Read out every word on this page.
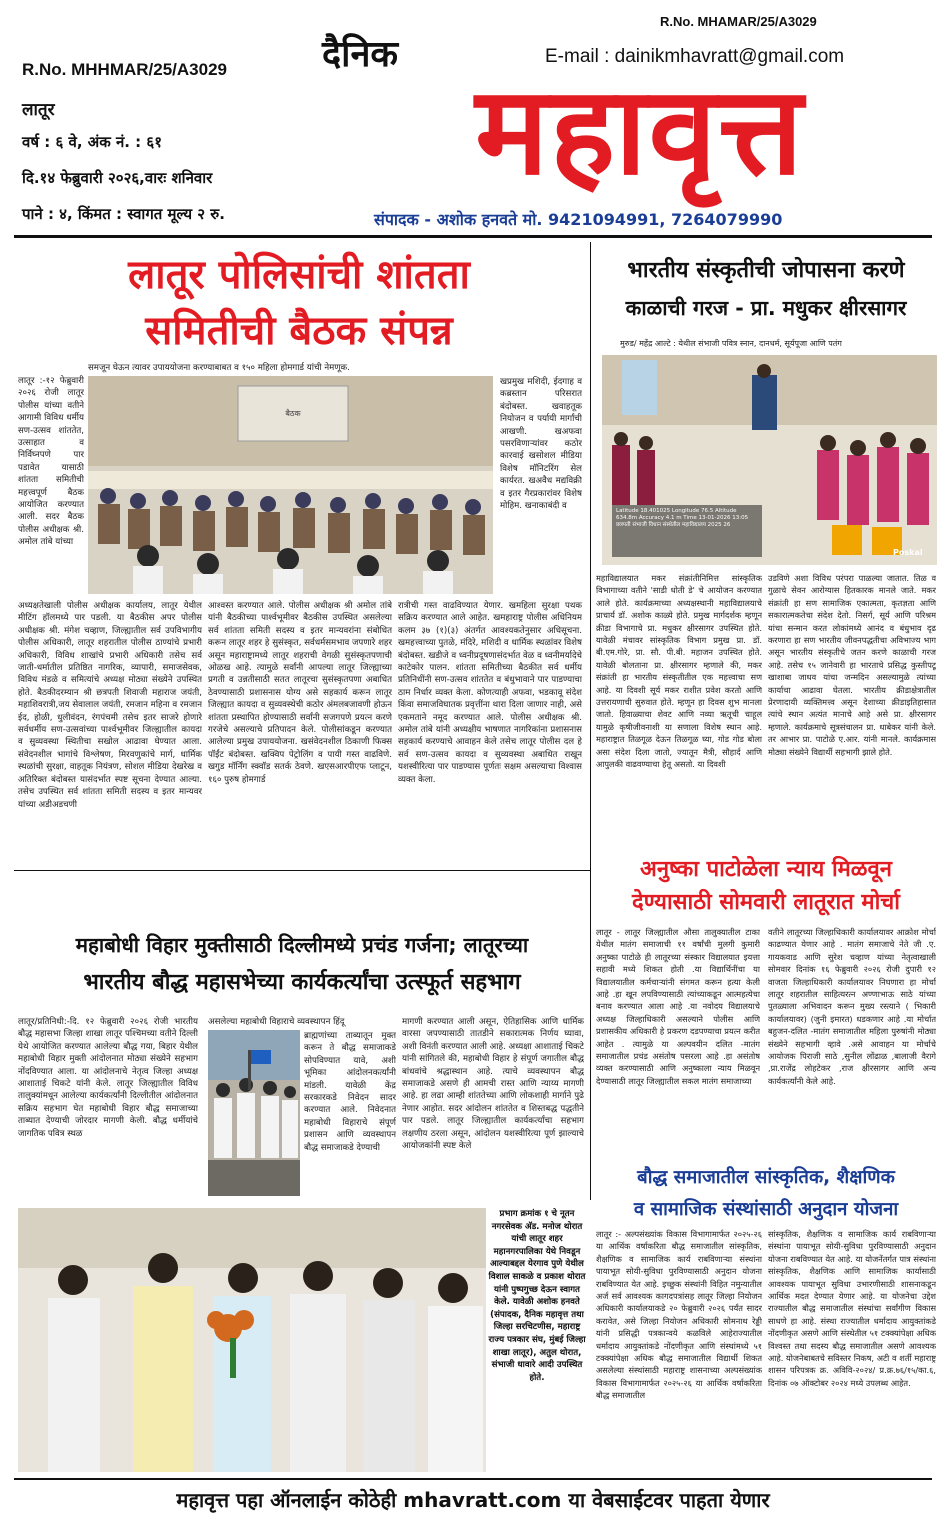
R.No. MHAMAR/25/A3029
दैनिक	E-mail : dainikmhavratt@gmail.com
R.No. MHHMAR/25/A3029	महावृत्त
लातूर
वर्ष : ६ वे, अंक नं. : ६१
दि.१४ फेब्रुवारी २०२६,वारः शनिवार
पाने : ४, किंमत : स्वागत मूल्य २ रु.	संपादक - अशोक हनवते मो. 9421094991, 7264079990
लातूर पोलिसांची शांतता
समितीची बैठक संपन्न
समजून घेऊन त्यावर उपाययोजना करण्याबाबत व १५० महिला होमगार्ड यांची नेमणूक.
लातूर :-१२ फेब्रुवारी २०२६ रोजी लातूर पोलीस यांच्या वतीने आगामी विविध धर्मीय सण-उत्सव शांततेत, उत्साहात व निर्विघ्नपणे पार पडावेत यासाठी शांतता समितीची महत्त्वपूर्ण बैठक आयोजित करण्यात आली. सदर बैठक पोलीस अधीक्षक श्री. अमोल तांबे यांच्या
बैठक
खप्रमुख मशिदी, ईदगाह व कब्रस्तान परिसरात बंदोबस्त. खवाहतूक नियोजन व पर्यायी मार्गांची आखणी. खअफवा पसरविणाऱ्यांवर कठोर कारवाई खसोशल मीडिया विशेष मॉनिटरिंग सेल कार्यरत. खअवैध मद्यविक्री व इतर गैरप्रकारांवर विशेष मोहिम. खनाकाबंदी व
अध्यक्षतेखाली पोलीस अधीक्षक कार्यालय, लातूर येथील मीटिंग हॉलमध्ये पार पडली. या बैठकीस अपर पोलीस अधीक्षक श्री. मंगेश चव्हाण, जिल्ह्यातील सर्व उपविभागीय पोलीस अधिकारी, लातूर शहरातील पोलीस ठाण्यांचे प्रभारी अधिकारी, विविध शाखांचे प्रभारी अधिकारी तसेच सर्व जाती-धर्मातील प्रतिष्ठित नागरिक, व्यापारी, समाजसेवक, विविध मंडळे व समित्यांचे अध्यक्ष मोठ्या संख्येने उपस्थित होते. बैठकीदरम्यान श्री छत्रपती शिवाजी महाराज जयंती, महाशिवरात्री,जय सेवालाल जयंती, रमजान महिना व रमजान ईद, होळी, धुलीवंदन, रंगपंचमी तसेच इतर साजरे होणारे सर्वधर्मीय सण-उत्सवांच्या पार्श्वभूमीवर जिल्ह्यातील कायदा व सुव्यवस्था स्थितीचा सखोल आढावा घेण्यात आला. संवेदनशील भागांचे विश्लेषण, मिरवणुकांचे मार्ग, धार्मिक स्थळांची सुरक्षा, वाहतूक नियंत्रण, सोशल मीडिया देखरेख व अतिरिक्त बंदोबस्त यासंदर्भात स्पष्ट सूचना देण्यात आल्या. तसेच उपस्थित सर्व शांतता समिती सदस्य व इतर मान्यवर यांच्या अडीअडचणी
आश्वस्त करण्यात आले. पोलीस अधीक्षक श्री अमोल तांबे यांनी बैठकीच्या पार्श्वभूमीवर बैठकीस उपस्थित असलेल्या सर्व शांतता समिती सदस्य व इतर मान्यवरांना संबोधित करून लातूर शहर हे सुसंस्कृत, सर्वधर्मसमभाव जपणारे शहर असून महाराष्ट्रामध्ये लातूर शहराची वेगळी सुसंस्कृतपणाची ओळख आहे. त्यामुळे सर्वांनी आपल्या लातूर जिल्ह्याच्या प्रगती व उन्नतीसाठी सतत लातूरचा सुसंस्कृतपणा अबाधित ठेवण्यासाठी प्रशासनास योग्य असे सहकार्य करून लातूर जिल्ह्यात कायदा व सुव्यवस्थेची कठोर अंमलबजावणी होऊन शांतता प्रस्थापित होण्यासाठी सर्वांनी सजगपणे प्रयत्न करणे गरजेचे असल्याचे प्रतिपादन केले. पोलीसांकडून करण्यात आलेल्या प्रमुख उपाययोजना. खसंवेदनशील ठिकाणी फिक्स पॉईंट बंदोबस्त. खक्विप पेट्रोलिंग व पायी गस्त वाढविणे. खगुड मॉर्निंग स्क्वॉड सतर्क ठेवणे. खएसआरपीएफ प्लाटून, १६० पुरुष होमगार्ड
रात्रीची गस्त वाढविण्यात येणार. खमहिला सुरक्षा पथक सक्रिय करण्यात आले आहेत. खमहाराष्ट्र पोलीस अधिनियम कलम ३७ (१)(३) अंतर्गत आवश्यकतेनुसार अधिसूचना. खमहत्त्वाच्या पुतळे, मंदिरे, मशिदी व धार्मिक स्थळांवर विशेष बंदोबस्त. खडीजे व ध्वनीप्रदूषणासंदर्भात वेळ व ध्वनीमर्यादेचे काटेकोर पालन. शांतता समितीच्या बैठकीत सर्व धर्मीय प्रतिनिधींनी सण-उत्सव शांततेत व बंधुभावाने पार पाडण्याचा ठाम निर्धार व्यक्त केला. कोणत्याही अफवा, भडकावू संदेश किंवा समाजविघातक प्रवृत्तींना थारा दिला जाणार नाही, असे एकमताने नमूद करण्यात आले. पोलीस अधीक्षक श्री. अमोल तांबे यांनी अध्यक्षीय भाषणात नागरिकांना प्रशासनास सहकार्य करण्याचे आवाहन केले तसेच लातूर पोलीस दल हे सर्व सण-उत्सव कायदा व सुव्यवस्था अबाधित राखून यशस्वीरित्या पार पाडण्यास पूर्णतः सक्षम असल्याचा विश्वास व्यक्त केला.
भारतीय संस्कृतीची जोपासना करणे
काळाची गरज - प्रा. मधुकर क्षीरसागर
मुरुड/ महेंद्र आल्टे : येथील संभाजी पवित्र स्नान, दानधर्म, सूर्यपूजा आणि पतंग
Latitude 18.401025 Longitude 76.5 Altitude 634.8m Accuracy 4.1 m Time 13-01-2026 13:05 छत्रपती संभाजी विधान संस्थेतील महाविद्यालय 2025 26
Poskai
महाविद्यालयात मकर संक्रांतीनिमित्त सांस्कृतिक विभागाच्या वतीने 'साडी धोती डे' चे आयोजन करण्यात आले होते. कार्यक्रमाच्या अध्यक्षस्थानी महाविद्यालयाचे प्राचार्य डॉ. अशोक काळ्ये होते. प्रमुख मार्गदर्शक म्हणून क्रीडा विभागाचे प्रा. मधुकर क्षीरसागर उपस्थित होते. यावेळी मंचावर सांस्कृतिक विभाग प्रमुख प्रा. डॉ. बी.एम.गोरे, प्रा. सौ. पी.बी. महाजन उपस्थित होते. यावेळी बोलताना प्रा. क्षीरसागर म्हणाले की, मकर संक्रांती हा भारतीय संस्कृतीतील एक महत्त्वाचा सण आहे. या दिवशी सूर्य मकर राशीत प्रवेश करतो आणि उत्तरायणाची सुरुवात होते. म्हणून हा दिवस शुभ मानला जातो. हिवाळ्याचा शेवट आणि नव्या ऋतूची चाहूल यामुळे कृषीजीवनाशी या सणाला विशेष स्थान आहे. महाराष्ट्रात तिळगूळ देऊन तिळगूळ घ्या, गोड गोड बोला असा संदेश दिला जातो, ज्यातून मैत्री, सौहार्द आणि आपुलकी वाढवण्याचा हेतू असतो. या दिवशी
उडविणे अशा विविध परंपरा पाळल्या जातात. तिळ व गुळाचे सेवन आरोग्यास हितकारक मानले जाते. मकर संक्रांती हा सण सामाजिक एकात्मता, कृतज्ञता आणि सकारात्मकतेचा संदेश देतो. निसर्ग, सूर्य आणि परिश्रम यांचा सन्मान करत लोकांमध्ये आनंद व बंधुभाव दृढ करणारा हा सण भारतीय जीवनपद्धतीचा अविभाज्य भाग असून भारतीय संस्कृतीचे जतन करणे काळाची गरज आहे. तसेच १५ जानेवारी हा भारताचे प्रसिद्ध कुस्तीपटू खाशाबा जाधव यांचा जन्मदिन असल्यामुळे त्यांच्या कार्याचा आढावा घेतला. भारतीय क्रीडाक्षेत्रातील प्रेरणादायी व्यक्तिमत्त्व असून देशाच्या क्रीडाइतिहासात त्यांचे स्थान अत्यंत मानाचे आहे असे प्रा. क्षीरसागर म्हणाले. कार्यक्रमाचे सूत्रसंचालन प्रा. धाबेकर यांनी केले. तर आभार प्रा. पाटोळे ए.आर. यांनी मानले. कार्यक्रमास मोठ्या संख्येने विद्यार्थी सहभागी झाले होते.
अनुष्का पाटोळेला न्याय मिळवून
देण्यासाठी सोमवारी लातूरात मोर्चा
लातूर - लातूर जिल्ह्यातील औसा तालुक्यातील टाका येथील मातंग समाजाची ११ वर्षांची मुलगी कुमारी अनुष्का पाटोळे ही लातूरच्या संस्कार विद्यालयात इयत्ता सहावी मध्ये शिकत होती .या विद्यार्थिनींचा या विद्यालयातील कर्मचाऱ्यांनी संगमत करून हत्या केली आहे .हा खून लपविण्यासाठी त्यांच्याकडून आत्महत्येचा बनाव करण्यात आला आहे .या नवोदय विद्यालयाचे अध्यक्ष जिल्हाधिकारी असल्याने पोलीस आणि प्रशासकीय अधिकारी हे प्रकरण दडपण्याचा प्रयत्न करीत आहेत . त्यामुळे या अल्पवयीन दलित -मातंग समाजातील प्रचंड असंतोष पसरला आहे .हा असंतोष व्यक्त करण्यासाठी आणि अनुष्काला न्याय मिळवून देण्यासाठी लातूर जिल्ह्यातील सकल मातंग समाजाच्या
वतीने लातूरच्या जिल्हाधिकारी कार्यालयावर आक्रोश मोर्चा काढण्यात येणार आहे . मातंग समाजाचे नेते जी .ए. गायकवाड आणि सुरेश चव्हाण यांच्या नेतृत्वाखाली सोमवार दिनांक १६ फेब्रुवारी २०२६ रोजी दुपारी १२ वाजता जिल्हाधिकारी कार्यालयावर निघणारा हा मोर्चा लातूर शहरातील साहित्यरत्न अण्णाभाऊ साठे यांच्या पुतळ्याला अभिवादन करून मुख्य रस्त्याने ( भिकारी कार्यालयावर) (जुनी इमारत) धडकणार आहे .या मोर्चात बहुजन-दलित -मातंग समाजातील महिला पुरुषांनी मोठ्या संख्येने सहभागी व्हावे .असे आवाहन या मोर्चाचे आयोजक पिराजी साठे ,सुनील लोंढाळ ,बालाजी वैरागे ,प्रा.राजेंद्र लोहटेकर ,राज क्षीरसागर आणि अन्य कार्यकर्त्यांनी केले आहे.
महाबोधी विहार मुक्तीसाठी दिल्लीमध्ये प्रचंड गर्जना; लातूरच्या
भारतीय बौद्ध महासभेच्या कार्यकर्त्यांचा उत्स्फूर्त सहभाग
लातूर/प्रतिनिधी:-दि. १२ फेब्रुवारी २०२६ रोजी भारतीय बौद्ध महासभा जिल्हा शाखा लातूर पश्चिमच्या वतीने दिल्ली येथे आयोजित करण्यात आलेल्या बौद्ध गया, बिहार येथील महाबोधी विहार मुक्ती आंदोलनात मोठ्या संख्येने सहभाग नोंदविण्यात आला. या आंदोलनाचे नेतृत्व जिल्हा अध्यक्ष आशाताई चिकटे यांनी केले. लातूर जिल्ह्यातील विविध तालुक्यांमधून आलेल्या कार्यकर्त्यांनी दिल्लीतील आंदोलनात सक्रिय सहभाग घेत महाबोधी विहार बौद्ध समाजाच्या ताब्यात देण्याची जोरदार मागणी केली. बौद्ध धर्मीयांचे जागतिक पवित्र स्थळ
असलेल्या महाबोधी विहाराचे व्यवस्थापन हिंदू
ब्राह्मणांच्या ताब्यातून मुक्त करून ते बौद्ध समाजाकडे सोपविण्यात यावे, अशी भूमिका आंदोलनकर्त्यांनी मांडली. यावेळी केंद्र सरकारकडे निवेदन सादर करण्यात आले. निवेदनात महाबोधी विहाराचे संपूर्ण प्रशासन आणि व्यवस्थापन बौद्ध समाजाकडे देण्याची
मागणी करण्यात आली असून, ऐतिहासिक आणि धार्मिक वारसा जपण्यासाठी तातडीने सकारात्मक निर्णय घ्यावा, अशी विनंती करण्यात आली आहे. अध्यक्षा आशाताई चिकटे यांनी सांगितले की, महाबोधी विहार हे संपूर्ण जगातील बौद्ध बांधवांचे श्रद्धास्थान आहे. त्याचे व्यवस्थापन बौद्ध समाजाकडे असणे ही आमची रास्त आणि न्याय्य मागणी आहे. हा लढा आम्ही शांततेच्या आणि लोकशाही मार्गाने पुढे नेणार आहोत. सदर आंदोलन शांततेत व शिस्तबद्ध पद्धतीने पार पडले. लातूर जिल्ह्यातील कार्यकर्त्यांचा सहभाग लक्षणीय ठरला असून, आंदोलन यशस्वीरित्या पूर्ण झाल्याचे आयोजकांनी स्पष्ट केले
प्रभाग क्रमांक १ चे नूतन नगरसेवक अ‍ॅड. मनोज थोरात यांची लातूर शहर महानगरपालिका येथे निवडून आल्याबद्दल येरगाव पुणे येथील विशाल साकळे व प्रकाश थोरात यांनी पुष्पगुच्छ देऊन स्वागत केले. यावेळी अशोक हनवते (संपादक, दैनिक महावृत्त तथा जिल्हा सरचिटणीस, महाराष्ट्र राज्य पत्रकार संघ, मुंबई जिल्हा शाखा लातूर), अतुल थोरात, संभाजी धावारे आदी उपस्थित होते.
बौद्ध समाजातील सांस्कृतिक, शैक्षणिक
व सामाजिक संस्थांसाठी अनुदान योजना
लातूर :- अल्पसंख्यांक विकास विभागामार्फत २०२५-२६ या आर्थिक वर्षाकरिता बौद्ध समाजातील सांस्कृतिक, शैक्षणिक व सामाजिक कार्य राबविणाऱ्या संस्थांना पायाभूत सोयी-सुविधा पुरविण्यासाठी अनुदान योजना राबविण्यात येत आहे. इच्छुक संस्थांनी विहित नमुन्यातील अर्ज सर्व आवश्यक कागदपत्रांसह लातूर जिल्हा नियोजन अधिकारी कार्यालयाकडे २० फेब्रुवारी २०२६ पर्यंत सादर करावेत, असे जिल्हा नियोजन अधिकारी सोमनाथ रेड्डी यांनी प्रसिद्धी पत्रकान्वये कळविले आहेराज्यातील धर्मादाय आयुक्तांकडे नोंदणीकृत आणि संस्थांमध्ये ५१ टक्क्यांपेक्षा अधिक बौद्ध समाजातील विद्यार्थी शिकत असलेल्या संस्थांसाठी महाराष्ट्र शासनाच्या अल्पसंख्यांक विकास विभागामार्फत २०२५-२६ या आर्थिक वर्षाकरिता बौद्ध समाजातील
सांस्कृतिक, शैक्षणिक व सामाजिक कार्य राबविणाऱ्या संस्थांना पायाभूत सोयी-सुविधा पुरविण्यासाठी अनुदान योजना राबविण्यात येत आहे. या योजनेंतर्गत पात्र संस्थांना सांस्कृतिक, शैक्षणिक आणि सामाजिक कार्यासाठी आवश्यक पायाभूत सुविधा उभारणीसाठी शासनाकडून आर्थिक मदत देण्यात येणार आहे. या योजनेचा उद्देश राज्यातील बौद्ध समाजातील संस्थांचा सर्वांगीण विकास साधणे हा आहे. संस्था राज्यातील धर्मादाय आयुक्तांकडे नोंदणीकृत असणे आणि संस्थेतील ५१ टक्क्यांपेक्षा अधिक विश्वस्त तथा सदस्य बौद्ध समाजातील असणे आवश्यक आहे. योजनेबाबतचे सविस्तर निकष, अटी व शर्ती महाराष्ट्र शासन परिपत्रक क्र. अविवि-२०२४/ प्र.क्र.७६/१५/का.६, दिनांक ०७ ऑक्टोबर २०२४ मध्ये उपलब्ध आहेत.
महावृत्त पहा ऑनलाईन कोठेही mhavratt.com या वेबसाईटवर पाहता येणार
